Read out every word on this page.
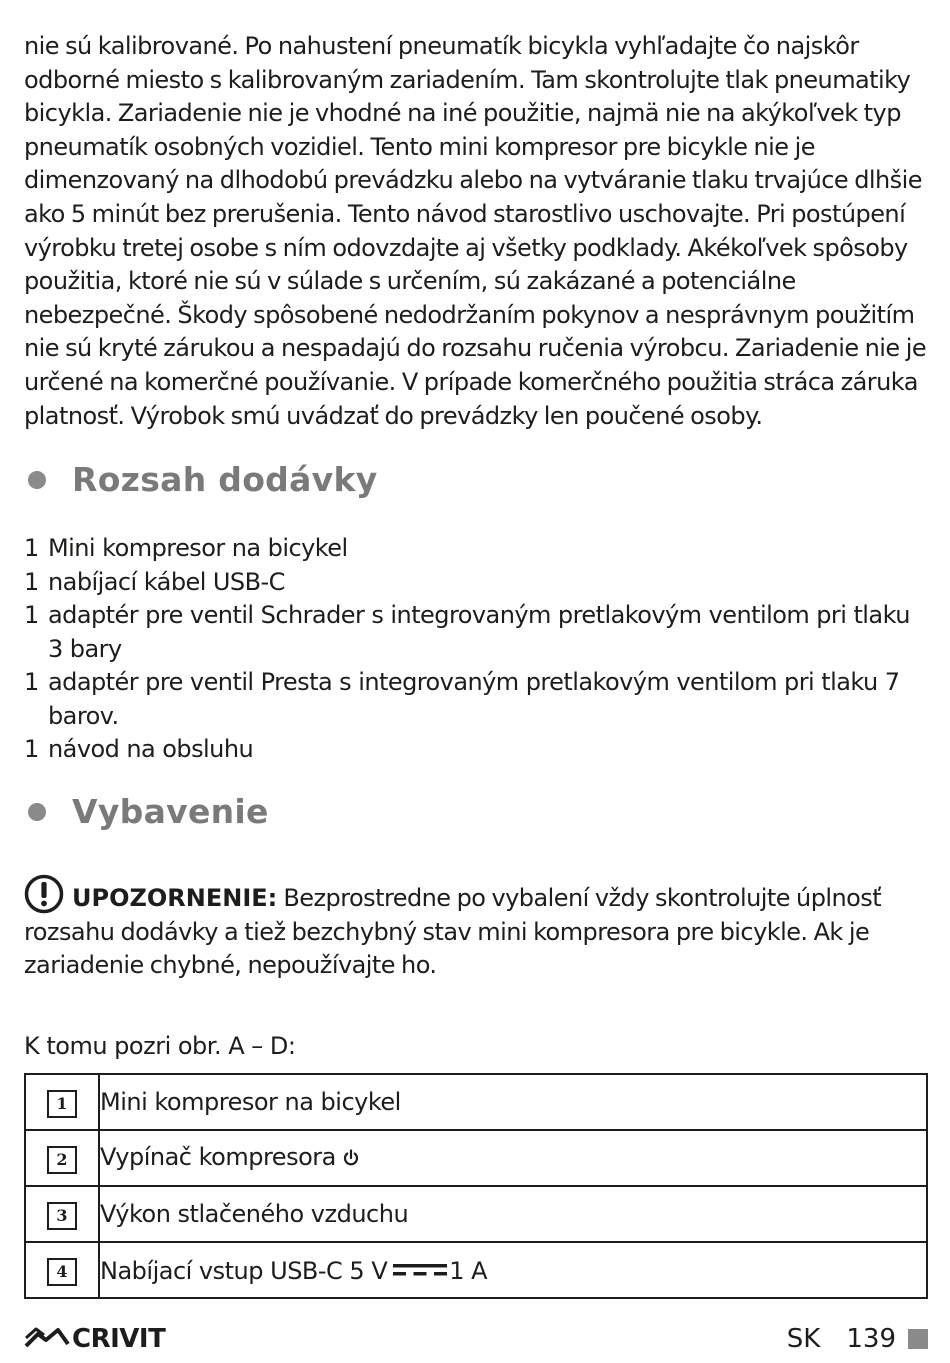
nie sú kalibrované. Po nahustení pneumatík bicykla vyhľadajte čo najskôr odborné miesto s kalibrovaným zariadením. Tam skontrolujte tlak pneumatiky bicykla. Zariadenie nie je vhodné na iné použitie, najmä nie na akýkoľvek typ pneumatík osobných vozidiel. Tento mini kompresor pre bicykle nie je dimenzovaný na dlhodobú prevádzku alebo na vytváranie tlaku trvajúce dlhšie ako 5 minút bez prerušenia. Tento návod starostlivo uschovajte. Pri postúpení výrobku tretej osobe s ním odovzdajte aj všetky podklady. Akékoľvek spôsoby použitia, ktoré nie sú v súlade s určením, sú zakázané a potenciálne nebezpečné. Škody spôsobené nedodržaním pokynov a nesprávnym použitím nie sú kryté zárukou a nespadajú do rozsahu ručenia výrobcu. Zariadenie nie je určené na komerčné používanie. V prípade komerčného použitia stráca záruka platnosť. Výrobok smú uvádzať do prevádzky len poučené osoby.

Rozsah dodávky
1 Mini kompresor na bicykel
1 nabíjací kábel USB-C
1 adaptér pre ventil Schrader s integrovaným pretlakovým ventilom pri tlaku 3 bary
1 adaptér pre ventil Presta s integrovaným pretlakovým ventilom pri tlaku 7 barov.
1 návod na obsluhu
Vybavenie

UPOZORNENIE: Bezprostredne po vybalení vždy skontrolujte úplnosť rozsahu dodávky a tiež bezchybný stav mini kompresora pre bicykle. Ak je zariadenie chybné, nepoužívajte ho.

K tomu pozri obr. A – D:

1	Mini kompresor na bicykel
2	Vypínač kompresora
3	Výkon stlačeného vzduchu
4	Nabíjací vstup USB-C 5 V 1 A
CRIVIT	SK 139
